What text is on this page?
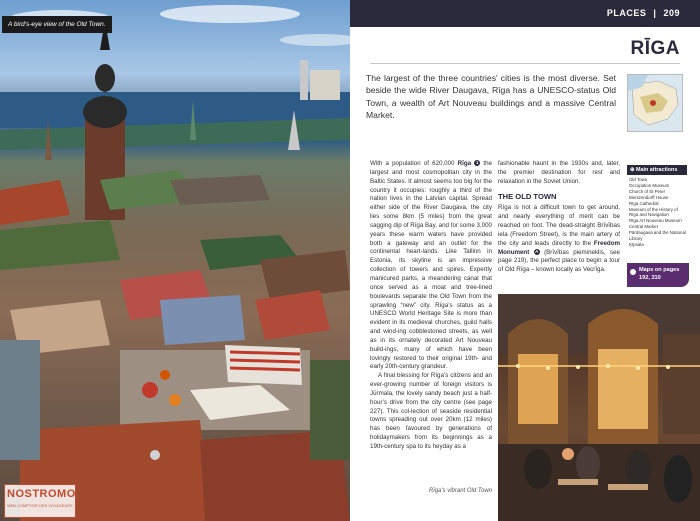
A bird's-eye view of the Old Town.
NOSTROMO
WEB COMPTOIR DES VOYAGEURS
PLACES | 209
RĪGA
The largest of the three countries' cities is the most diverse. Set beside the wide River Daugava, Rīga has a UNESCO-status Old Town, a wealth of Art Nouveau buildings and a massive Central Market.

With a population of 620,000 Rīga 1 the largest and most cosmopolitan city in the Baltic States. It almost seems too big for the country it occupies: roughly a third of the nation lives in the Latvian capital. Spread either side of the River Daugava, the city lies some 8km (5 miles) from the great sagging dip of Rīga Bay, and for some 3,000 years these warm waters have provided both a gateway and an outlet for the continental heart-lands. Like Tallinn in Estonia, its skyline is an impressive collection of towers and spires. Expertly manicured parks, a meandering canal that once served as a moat and tree-lined boulevards separate the Old Town from the sprawling “new” city. Rīga’s status as a UNESCO World Heritage Site is more than evident in its medieval churches, guild halls and wind-ing cobblestoned streets, as well as in its ornately decorated Art Nouveau build-ings, many of which have been lovingly restored to their original 19th- and early 20th-century grandeur.

A final blessing for Rīga’s citizens and an ever-growing number of foreign visitors is Jūrmala, the lovely sandy beach just a half-hour’s drive from the city centre (see page 227). This col-lection of seaside residential towns spreading out over 20km (12 miles) has been favoured by generations of holidaymakers from its beginnings as a 19th-century spa to its heyday as a

fashionable haunt in the 1930s and, later, the premier destination for rest and relaxation in the Soviet Union.

THE OLD TOWN

Rīga is not a difficult town to get around, and nearly everything of merit can be reached on foot. The dead-straight Brīvības iela (Freedom Street), is the main artery of the city and leads directly to the Freedom Monument A (Brīvības piemineklis, see page 219), the perfect place to begin a tour of Old Rīga – known locally as Vecrīga.

⊕ Main attractions
Old Town
Occupation Museum
Church of St Peter
Mentzendorff House
Rīga Cathedral
Museum of the History of Rīga and Navigation
Rīga Art Nouveau Museum
Central Market
Pārdaugava and the National Library
Ķīpsala
Maps on pages
192, 210
Rīga's vibrant Old Town
